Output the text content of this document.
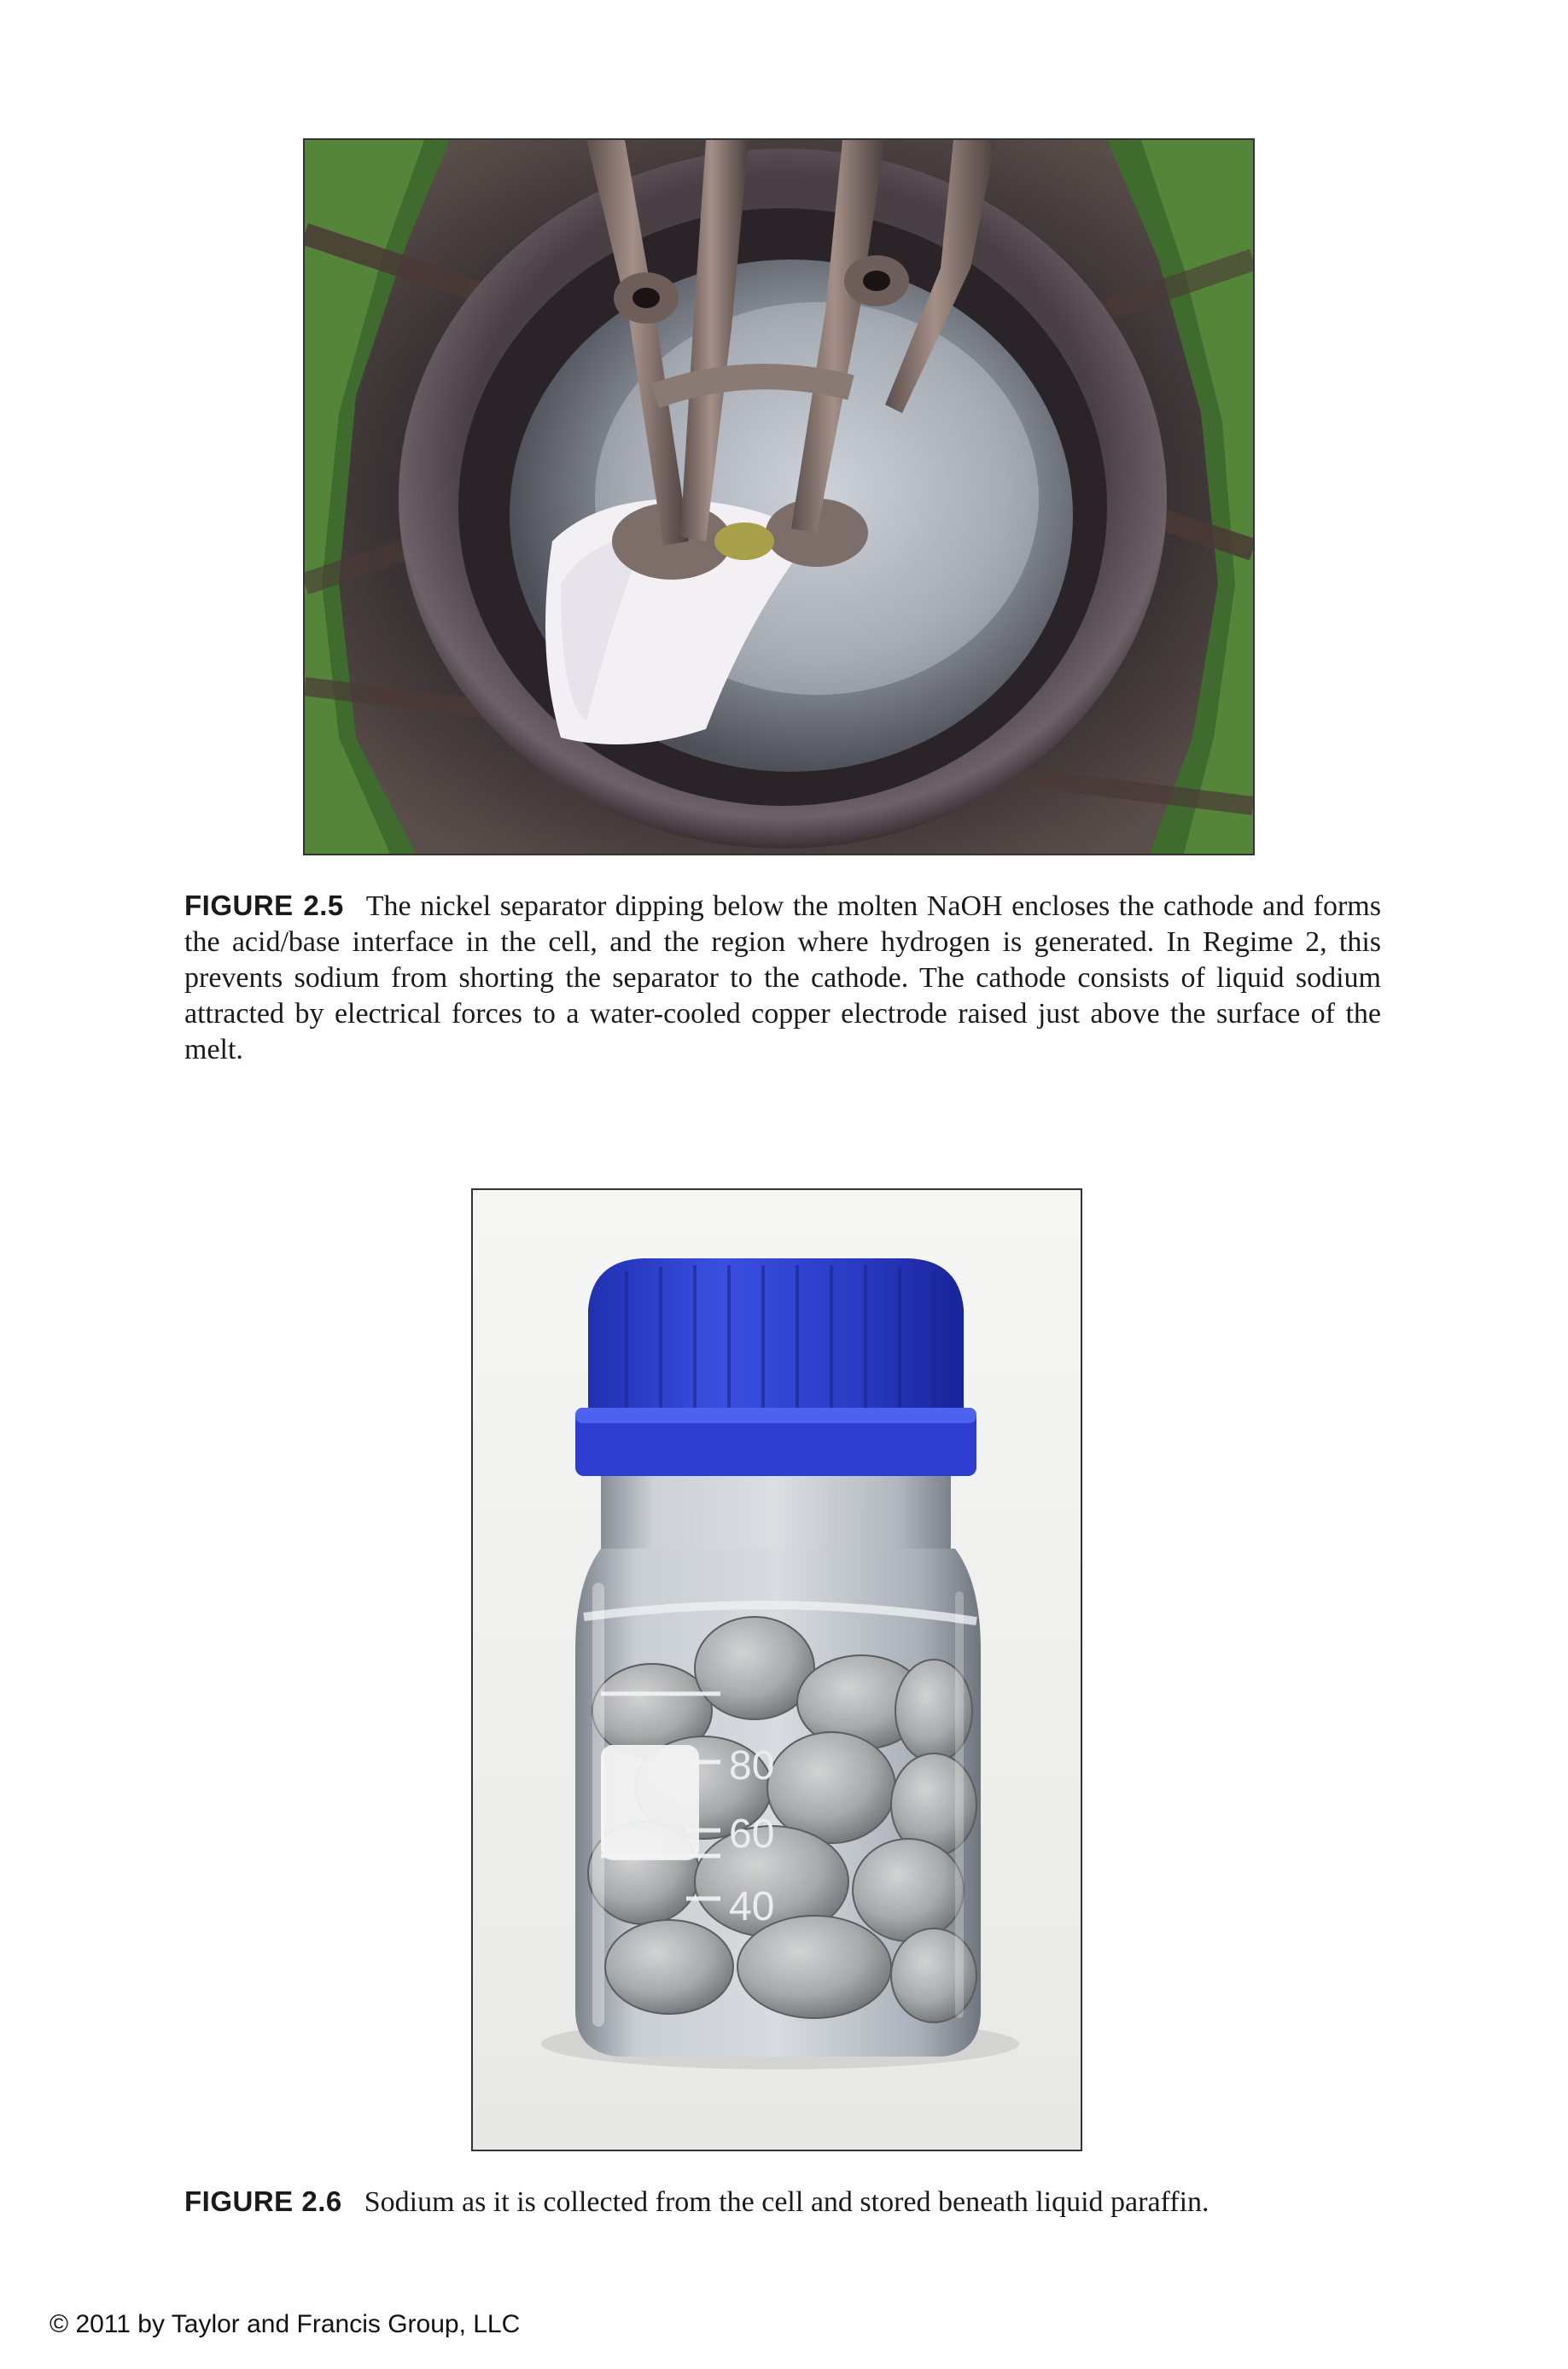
FIGURE 2.5 The nickel separator dipping below the molten NaOH encloses the cathode and forms the acid/base interface in the cell, and the region where hydrogen is generated. In Regime 2, this prevents sodium from shorting the separator to the cathode. The cathode consists of liquid sodium attracted by electrical forces to a water-cooled copper electrode raised just above the surface of the melt.
80
60
40
FIGURE 2.6 Sodium as it is collected from the cell and stored beneath liquid paraffin.
© 2011 by Taylor and Francis Group, LLC
